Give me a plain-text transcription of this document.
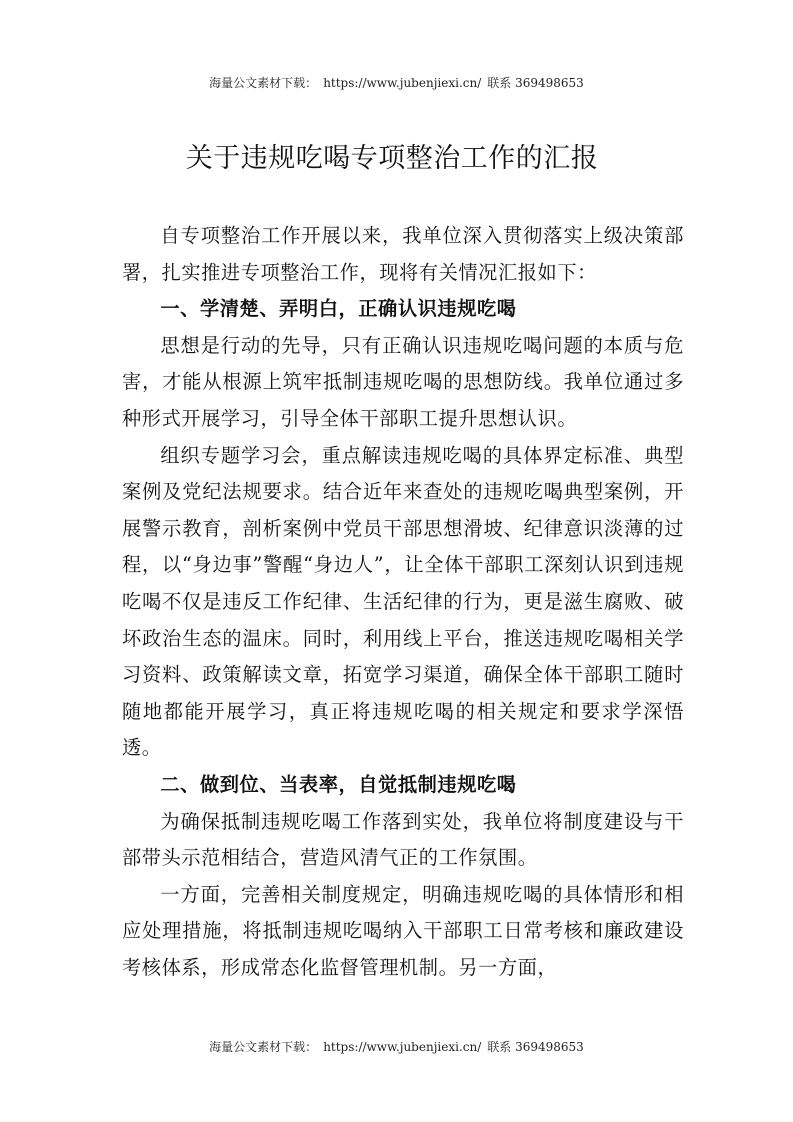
海量公文素材下载： https://www.jubenjiexi.cn/ 联系 369498653
关于违规吃喝专项整治工作的汇报

自专项整治工作开展以来，我单位深入贯彻落实上级决策部署，扎实推进专项整治工作，现将有关情况汇报如下：

一、学清楚、弄明白，正确认识违规吃喝

思想是行动的先导，只有正确认识违规吃喝问题的本质与危害，才能从根源上筑牢抵制违规吃喝的思想防线。我单位通过多种形式开展学习，引导全体干部职工提升思想认识。

组织专题学习会，重点解读违规吃喝的具体界定标准、典型案例及党纪法规要求。结合近年来查处的违规吃喝典型案例，开展警示教育，剖析案例中党员干部思想滑坡、纪律意识淡薄的过程，以“身边事”警醒“身边人”，让全体干部职工深刻认识到违规吃喝不仅是违反工作纪律、生活纪律的行为，更是滋生腐败、破坏政治生态的温床。同时，利用线上平台，推送违规吃喝相关学习资料、政策解读文章，拓宽学习渠道，确保全体干部职工随时随地都能开展学习，真正将违规吃喝的相关规定和要求学深悟透。

二、做到位、当表率，自觉抵制违规吃喝

为确保抵制违规吃喝工作落到实处，我单位将制度建设与干部带头示范相结合，营造风清气正的工作氛围。

一方面，完善相关制度规定，明确违规吃喝的具体情形和相应处理措施，将抵制违规吃喝纳入干部职工日常考核和廉政建设考核体系，形成常态化监督管理机制。另一方面，

海量公文素材下载： https://www.jubenjiexi.cn/ 联系 369498653
